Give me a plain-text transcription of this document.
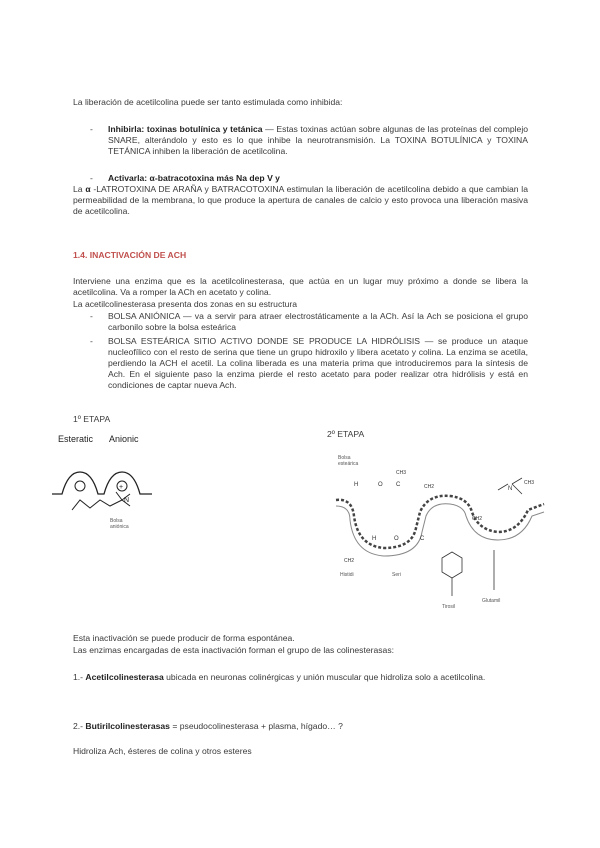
La liberación de acetilcolina puede ser tanto estimulada como inhibida:
- Inhibirla: toxinas botulínica y tetánica — Estas toxinas actúan sobre algunas de las proteínas del complejo SNARE, alterándolo y esto es lo que inhibe la neurotransmisión. La TOXINA BOTULÍNICA y TOXINA TETÁNICA inhiben la liberación de acetilcolina.
- Activarla: α-batracotoxina más Na dep V y
La α -LATROTOXINA DE ARAÑA y BATRACOTOXINA estimulan la liberación de acetilcolina debido a que cambian la permeabilidad de la membrana, lo que produce la apertura de canales de calcio y esto provoca una liberación masiva de acetilcolina.
1.4. INACTIVACIÓN DE ACH
Interviene una enzima que es la acetilcolinesterasa, que actúa en un lugar muy próximo a donde se libera la acetilcolina. Va a romper la ACh en acetato y colina.
La acetilcolinesterasa presenta dos zonas en su estructura
- BOLSA ANIÓNICA — va a servir para atraer electrostáticamente a la ACh. Así la Ach se posiciona el grupo carbonilo sobre la bolsa esteárica
- BOLSA ESTEÁRICA SITIO ACTIVO DONDE SE PRODUCE LA HIDRÓLISIS — se produce un ataque nucleofílico con el resto de serina que tiene un grupo hidroxilo y libera acetato y colina. La enzima se acetila, perdiendo la ACH el acetil. La colina liberada es una materia prima que introduciremos para la síntesis de Ach. En el siguiente paso la enzima pierde el resto acetato para poder realizar otra hidrólisis y está en condiciones de captar nueva Ach.
1º ETAPA
2º ETAPA
Esteratic Anionic
+
N
Bolsa
aniónica
Bolsa
esteárica
H	O C
CH3
CH2
CH2
N
CH3
H	O	C
CH2
Histidi	Seri
Tirosil
Glutamil
Esta inactivación se puede producir de forma espontánea.
Las enzimas encargadas de esta inactivación forman el grupo de las colinesterasas:
1.- Acetilcolinesterasa ubicada en neuronas colinérgicas y unión muscular que hidroliza solo a acetilcolina.
2.- Butirilcolinesterasas = pseudocolinesterasa + plasma, hígado… ?
Hidroliza Ach, ésteres de colina y otros esteres
